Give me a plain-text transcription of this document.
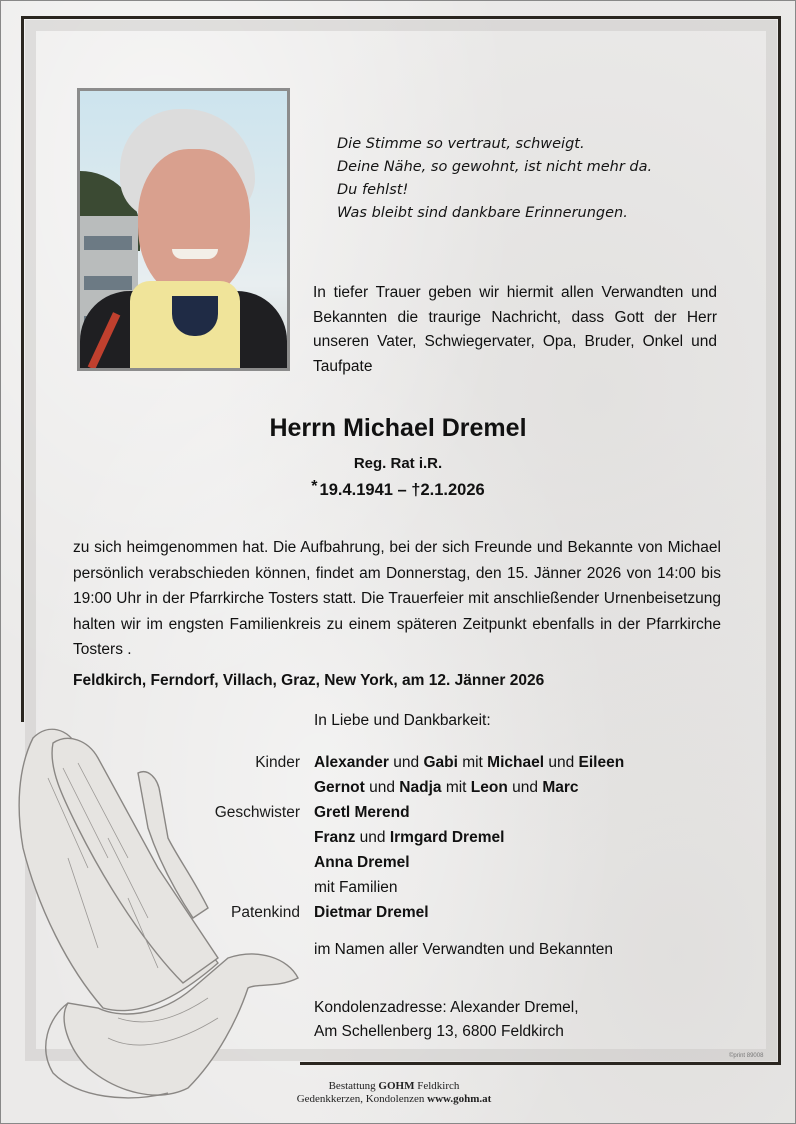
Die Stimme so vertraut, schweigt.
Deine Nähe, so gewohnt, ist nicht mehr da.
Du fehlst!
Was bleibt sind dankbare Erinnerungen.
In tiefer Trauer geben wir hiermit allen Verwandten und Bekannten die traurige Nachricht, dass Gott der Herr unseren Vater, Schwiegervater, Opa, Bruder, Onkel und Taufpate
Herrn Michael Dremel
Reg. Rat i.R.
* 19.4.1941 – †2.1.2026
zu sich heimgenommen hat. Die Aufbahrung, bei der sich Freunde und Bekannte von Michael persönlich verabschieden können, findet am Donnerstag, den 15. Jänner 2026 von 14:00 bis 19:00 Uhr in der Pfarrkirche Tosters statt. Die Trauerfeier mit anschließender Urnenbeisetzung halten wir im engsten Familienkreis zu einem späteren Zeitpunkt ebenfalls in der Pfarrkirche Tosters .
Feldkirch, Ferndorf, Villach, Graz, New York, am 12. Jänner 2026
In Liebe und Dankbarkeit:
Kinder Alexander und Gabi mit Michael und Eileen
Gernot und Nadja mit Leon und Marc
Geschwister Gretl Merend
Franz und Irmgard Dremel
Anna Dremel
mit Familien
Patenkind Dietmar Dremel
im Namen aller Verwandten und Bekannten
Kondolenzadresse: Alexander Dremel,
Am Schellenberg 13, 6800 Feldkirch
©print 89008
Bestattung GOHM Feldkirch
Gedenkkerzen, Kondolenzen www.gohm.at
